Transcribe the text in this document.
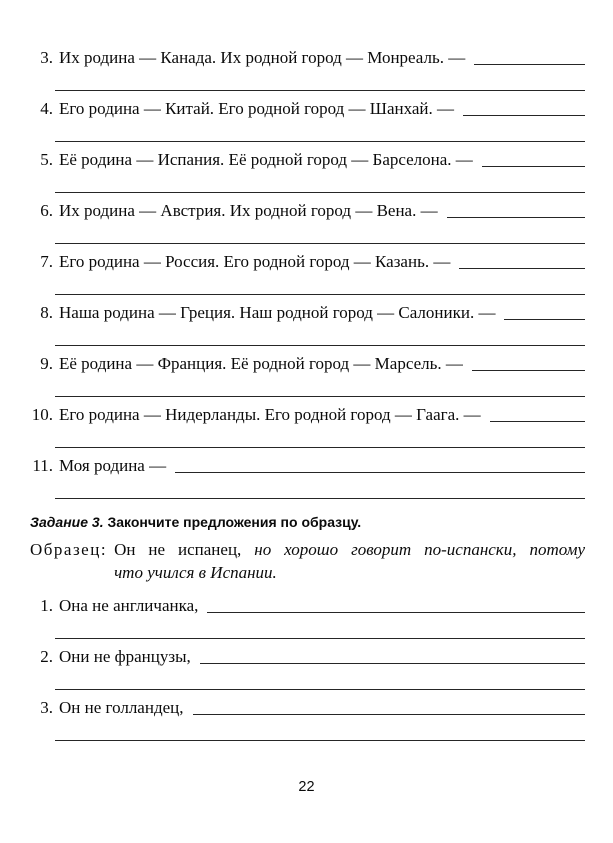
3. Их родина — Канада. Их родной город — Монреаль. —
4. Его родина — Китай. Его родной город — Шанхай. —
5. Её родина — Испания. Её родной город — Барселона. —
6. Их родина — Австрия. Их родной город — Вена. —
7. Его родина — Россия. Его родной город — Казань. —
8. Наша родина — Греция. Наш родной город — Салоники. —
9. Её родина — Франция. Её родной город — Марсель. —
10. Его родина — Нидерланды. Его родной город — Гаага. —
11. Моя родина —
Задание 3. Закончите предложения по образцу.
Образец: Он не испанец, но хорошо говорит по-испански, потому
что учился в Испании.
1. Она не англичанка,
2. Они не французы,
3. Он не голландец,
22
